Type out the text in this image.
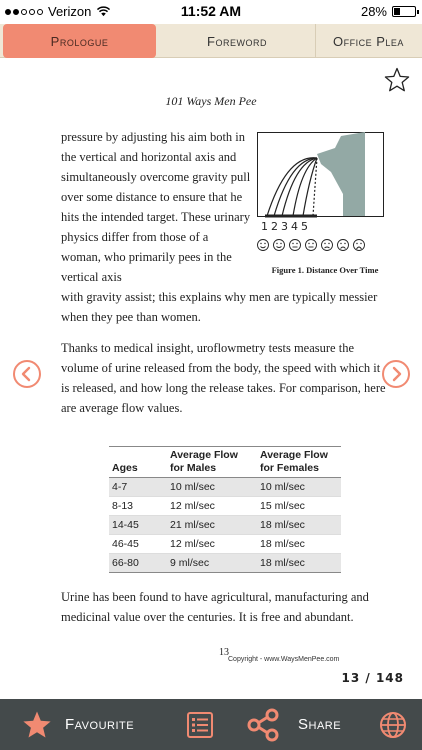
Verizon	11:52 AM	28%
Prologue	Foreword	Office Plea
101 Ways Men Pee

pressure by adjusting his aim both in the vertical and horizontal axis and simultaneously overcome gravity pull over some distance to ensure that he hits the intended target. These urinary physics differ from those of a woman, who primarily pees in the vertical axis

1 2 3 4 5
Figure 1. Distance Over Time

with gravity assist; this explains why men are typically messier when they pee than women.

Thanks to medical insight, uroflowmetry tests measure the volume of urine released from the body, the speed with which it is released, and how long the release takes. For comparison, here are average flow values.

Ages	Average Flow for Males	Average Flow for Females
4-7	10 ml/sec	10 ml/sec
8-13	12 ml/sec	15 ml/sec
14-45	21 ml/sec	18 ml/sec
46-45	12 ml/sec	18 ml/sec
66-80	9 ml/sec	18 ml/sec

Urine has been found to have agricultural, manufacturing and medicinal value over the centuries. It is free and abundant.

13
Copyright - www.WaysMenPee.com
13 / 148
Favourite	Share
